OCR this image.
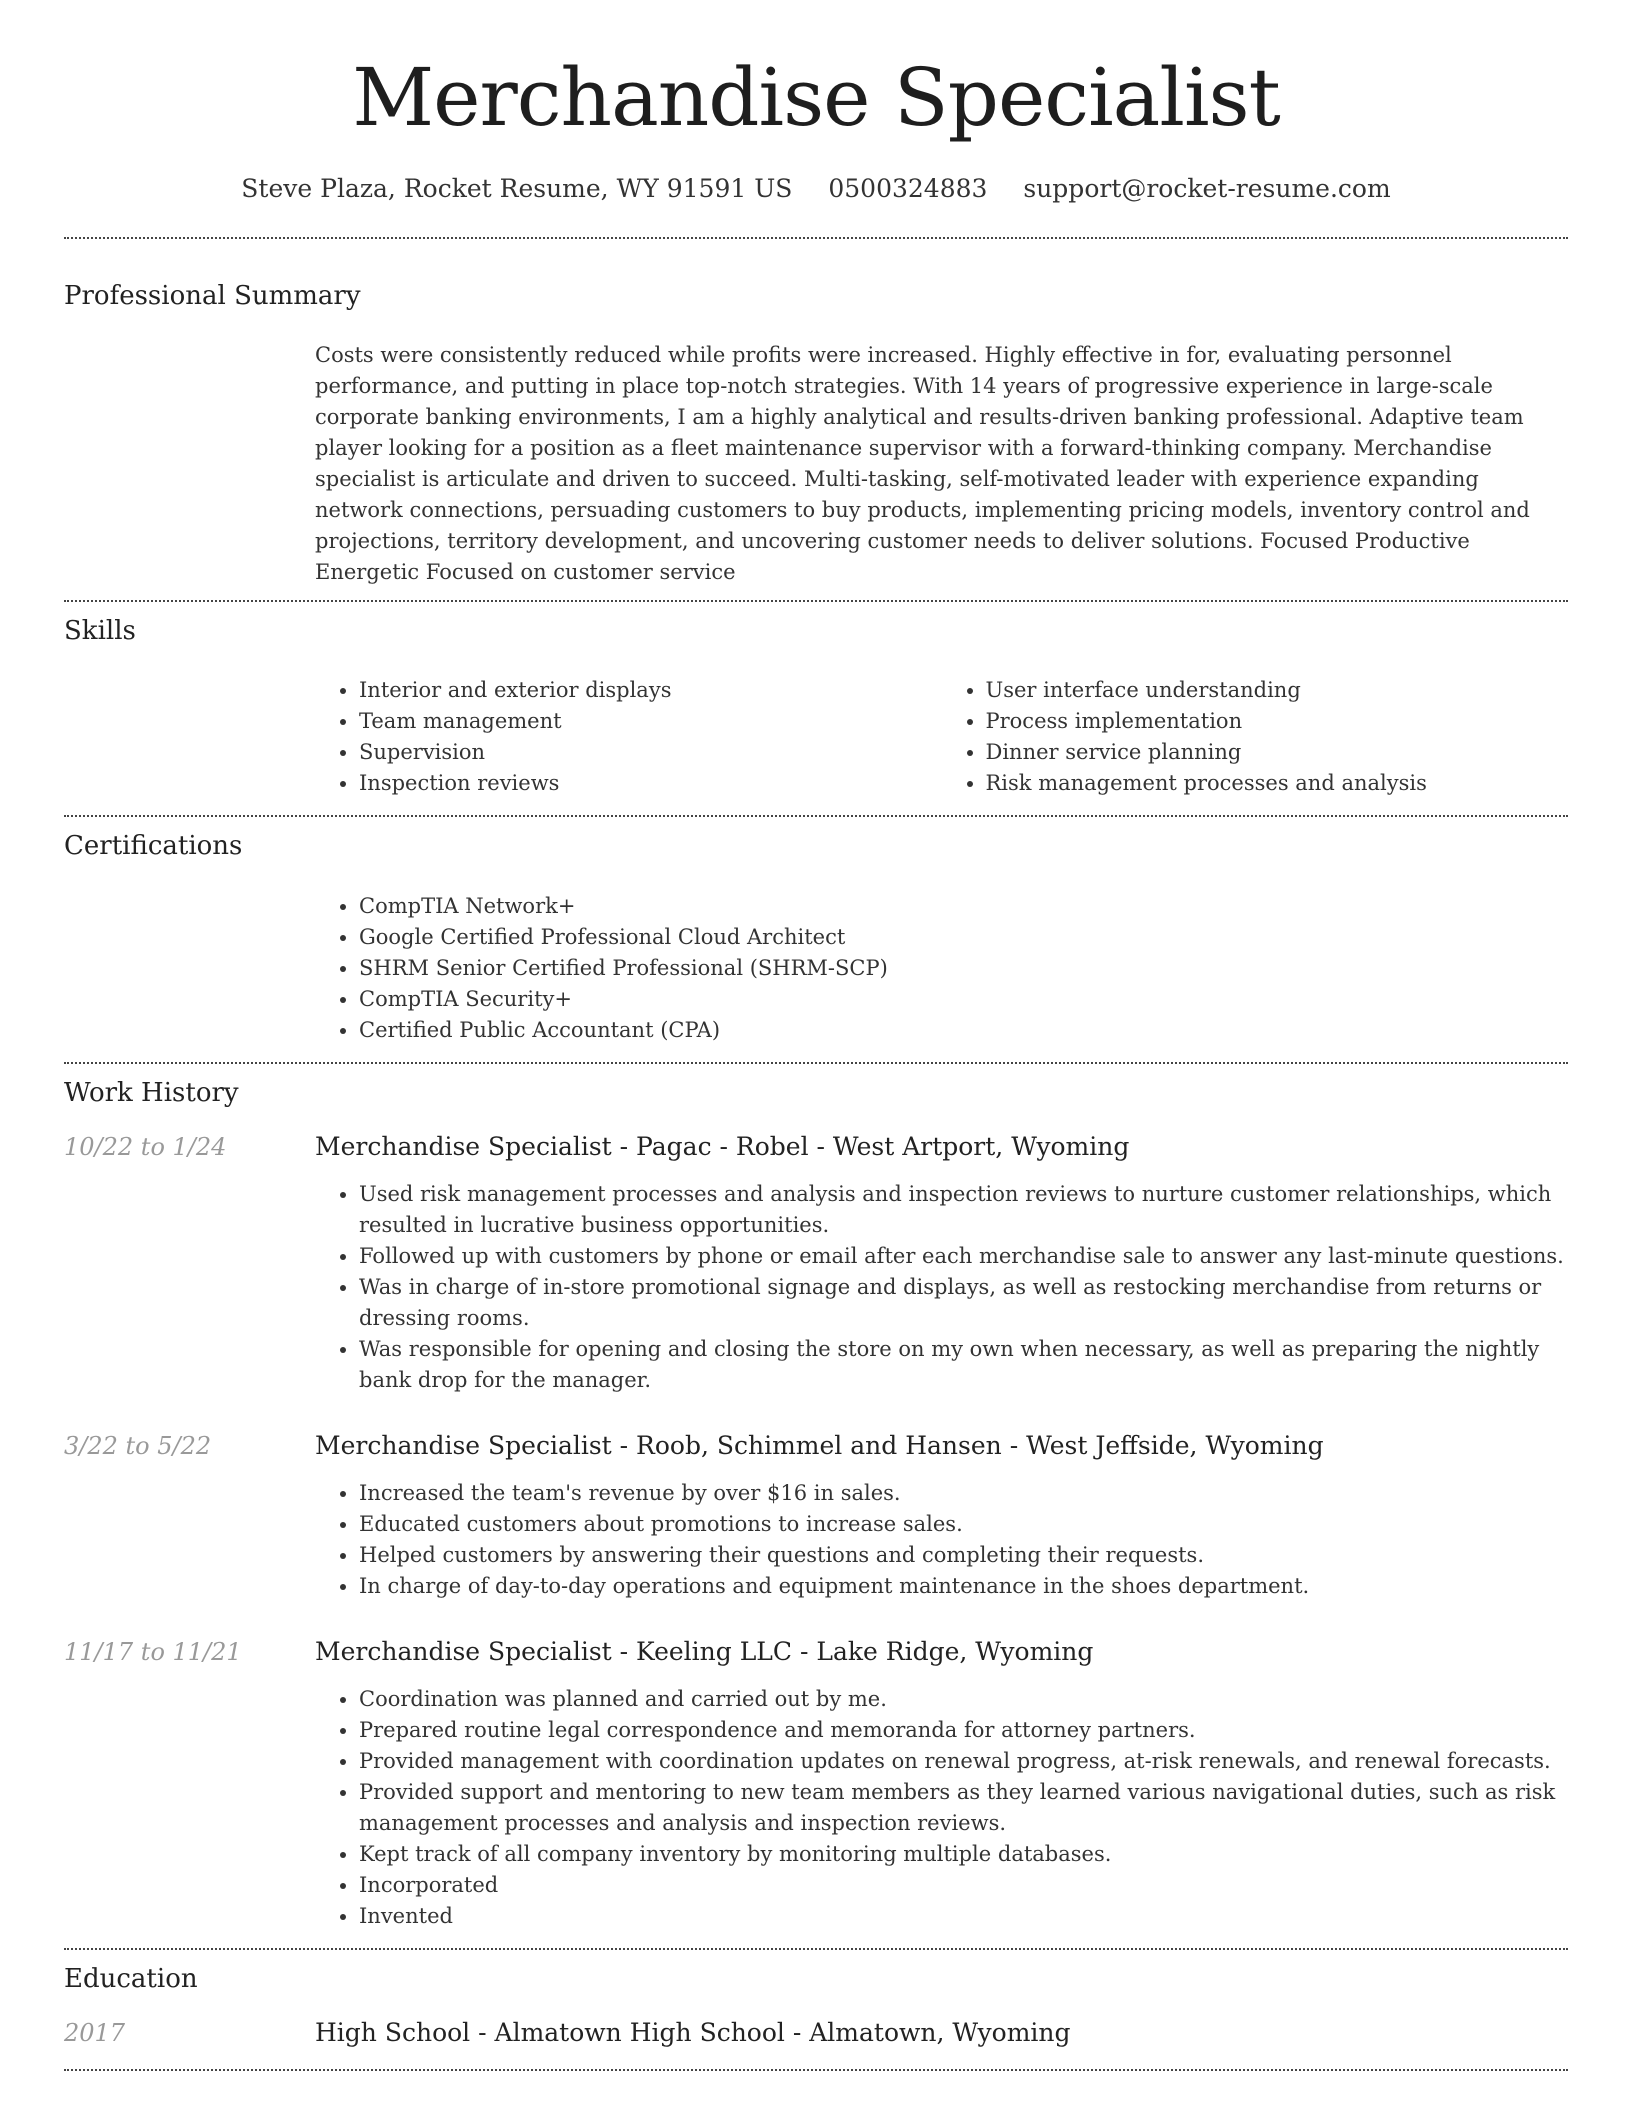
Merchandise Specialist
Steve Plaza, Rocket Resume, WY 91591 US 0500324883 support@rocket-resume.com
Professional Summary

Costs were consistently reduced while profits were increased. Highly effective in for, evaluating personnel performance, and putting in place top-notch strategies. With 14 years of progressive experience in large-scale corporate banking environments, I am a highly analytical and results-driven banking professional. Adaptive team player looking for a position as a fleet maintenance supervisor with a forward-thinking company. Merchandise specialist is articulate and driven to succeed. Multi-tasking, self-motivated leader with experience expanding network connections, persuading customers to buy products, implementing pricing models, inventory control and projections, territory development, and uncovering customer needs to deliver solutions. Focused Productive Energetic Focused on customer service

Skills
• Interior and exterior displays
• Team management
• Supervision
• Inspection reviews
• User interface understanding
• Process implementation
• Dinner service planning
• Risk management processes and analysis
Certifications
• CompTIA Network+
• Google Certified Professional Cloud Architect
• SHRM Senior Certified Professional (SHRM-SCP)
• CompTIA Security+
• Certified Public Accountant (CPA)
Work History
10/22 to 1/24	Merchandise Specialist - Pagac - Robel - West Artport, Wyoming
• Used risk management processes and analysis and inspection reviews to nurture customer relationships, which resulted in lucrative business opportunities.
• Followed up with customers by phone or email after each merchandise sale to answer any last-minute questions.
• Was in charge of in-store promotional signage and displays, as well as restocking merchandise from returns or dressing rooms.
• Was responsible for opening and closing the store on my own when necessary, as well as preparing the nightly bank drop for the manager.
3/22 to 5/22	Merchandise Specialist - Roob, Schimmel and Hansen - West Jeffside, Wyoming
• Increased the team's revenue by over $16 in sales.
• Educated customers about promotions to increase sales.
• Helped customers by answering their questions and completing their requests.
• In charge of day-to-day operations and equipment maintenance in the shoes department.
11/17 to 11/21	Merchandise Specialist - Keeling LLC - Lake Ridge, Wyoming
• Coordination was planned and carried out by me.
• Prepared routine legal correspondence and memoranda for attorney partners.
• Provided management with coordination updates on renewal progress, at-risk renewals, and renewal forecasts.
• Provided support and mentoring to new team members as they learned various navigational duties, such as risk management processes and analysis and inspection reviews.
• Kept track of all company inventory by monitoring multiple databases.
• Incorporated
• Invented
Education
2017	High School - Almatown High School - Almatown, Wyoming
